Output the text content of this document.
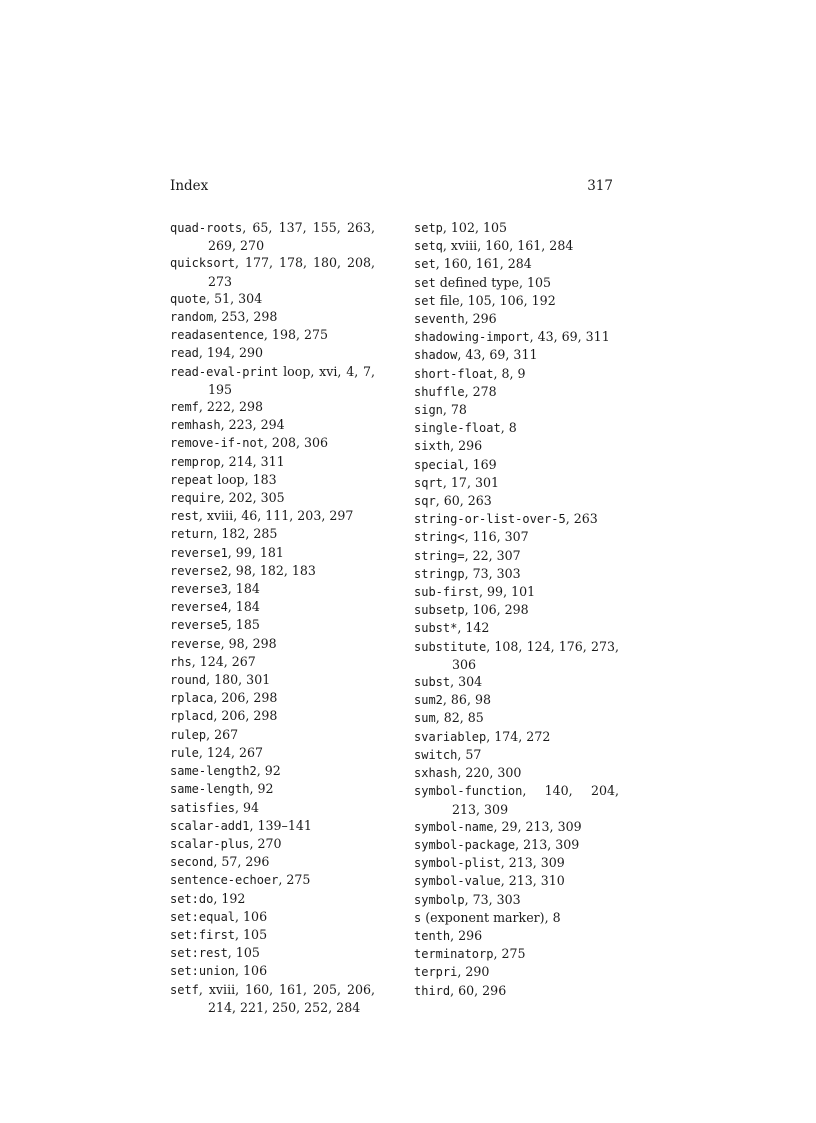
Index	317
quad-roots, 65, 137, 155, 263, 269, 270
quicksort, 177, 178, 180, 208, 273
quote, 51, 304
random, 253, 298
readasentence, 198, 275
read, 194, 290
read-eval-print loop, xvi, 4, 7, 195
remf, 222, 298
remhash, 223, 294
remove-if-not, 208, 306
remprop, 214, 311
repeat loop, 183
require, 202, 305
rest, xviii, 46, 111, 203, 297
return, 182, 285
reverse1, 99, 181
reverse2, 98, 182, 183
reverse3, 184
reverse4, 184
reverse5, 185
reverse, 98, 298
rhs, 124, 267
round, 180, 301
rplaca, 206, 298
rplacd, 206, 298
rulep, 267
rule, 124, 267
same-length2, 92
same-length, 92
satisfies, 94
scalar-add1, 139–141
scalar-plus, 270
second, 57, 296
sentence-echoer, 275
set:do, 192
set:equal, 106
set:first, 105
set:rest, 105
set:union, 106
setf, xviii, 160, 161, 205, 206, 214, 221, 250, 252, 284
setp, 102, 105
setq, xviii, 160, 161, 284
set, 160, 161, 284
set defined type, 105
set file, 105, 106, 192
seventh, 296
shadowing-import, 43, 69, 311
shadow, 43, 69, 311
short-float, 8, 9
shuffle, 278
sign, 78
single-float, 8
sixth, 296
special, 169
sqrt, 17, 301
sqr, 60, 263
string-or-list-over-5, 263
string<, 116, 307
string=, 22, 307
stringp, 73, 303
sub-first, 99, 101
subsetp, 106, 298
subst*, 142
substitute, 108, 124, 176, 273, 306
subst, 304
sum2, 86, 98
sum, 82, 85
svariablep, 174, 272
switch, 57
sxhash, 220, 300
symbol-function, 140, 204, 213, 309
symbol-name, 29, 213, 309
symbol-package, 213, 309
symbol-plist, 213, 309
symbol-value, 213, 310
symbolp, 73, 303
s (exponent marker), 8
tenth, 296
terminatorp, 275
terpri, 290
third, 60, 296
